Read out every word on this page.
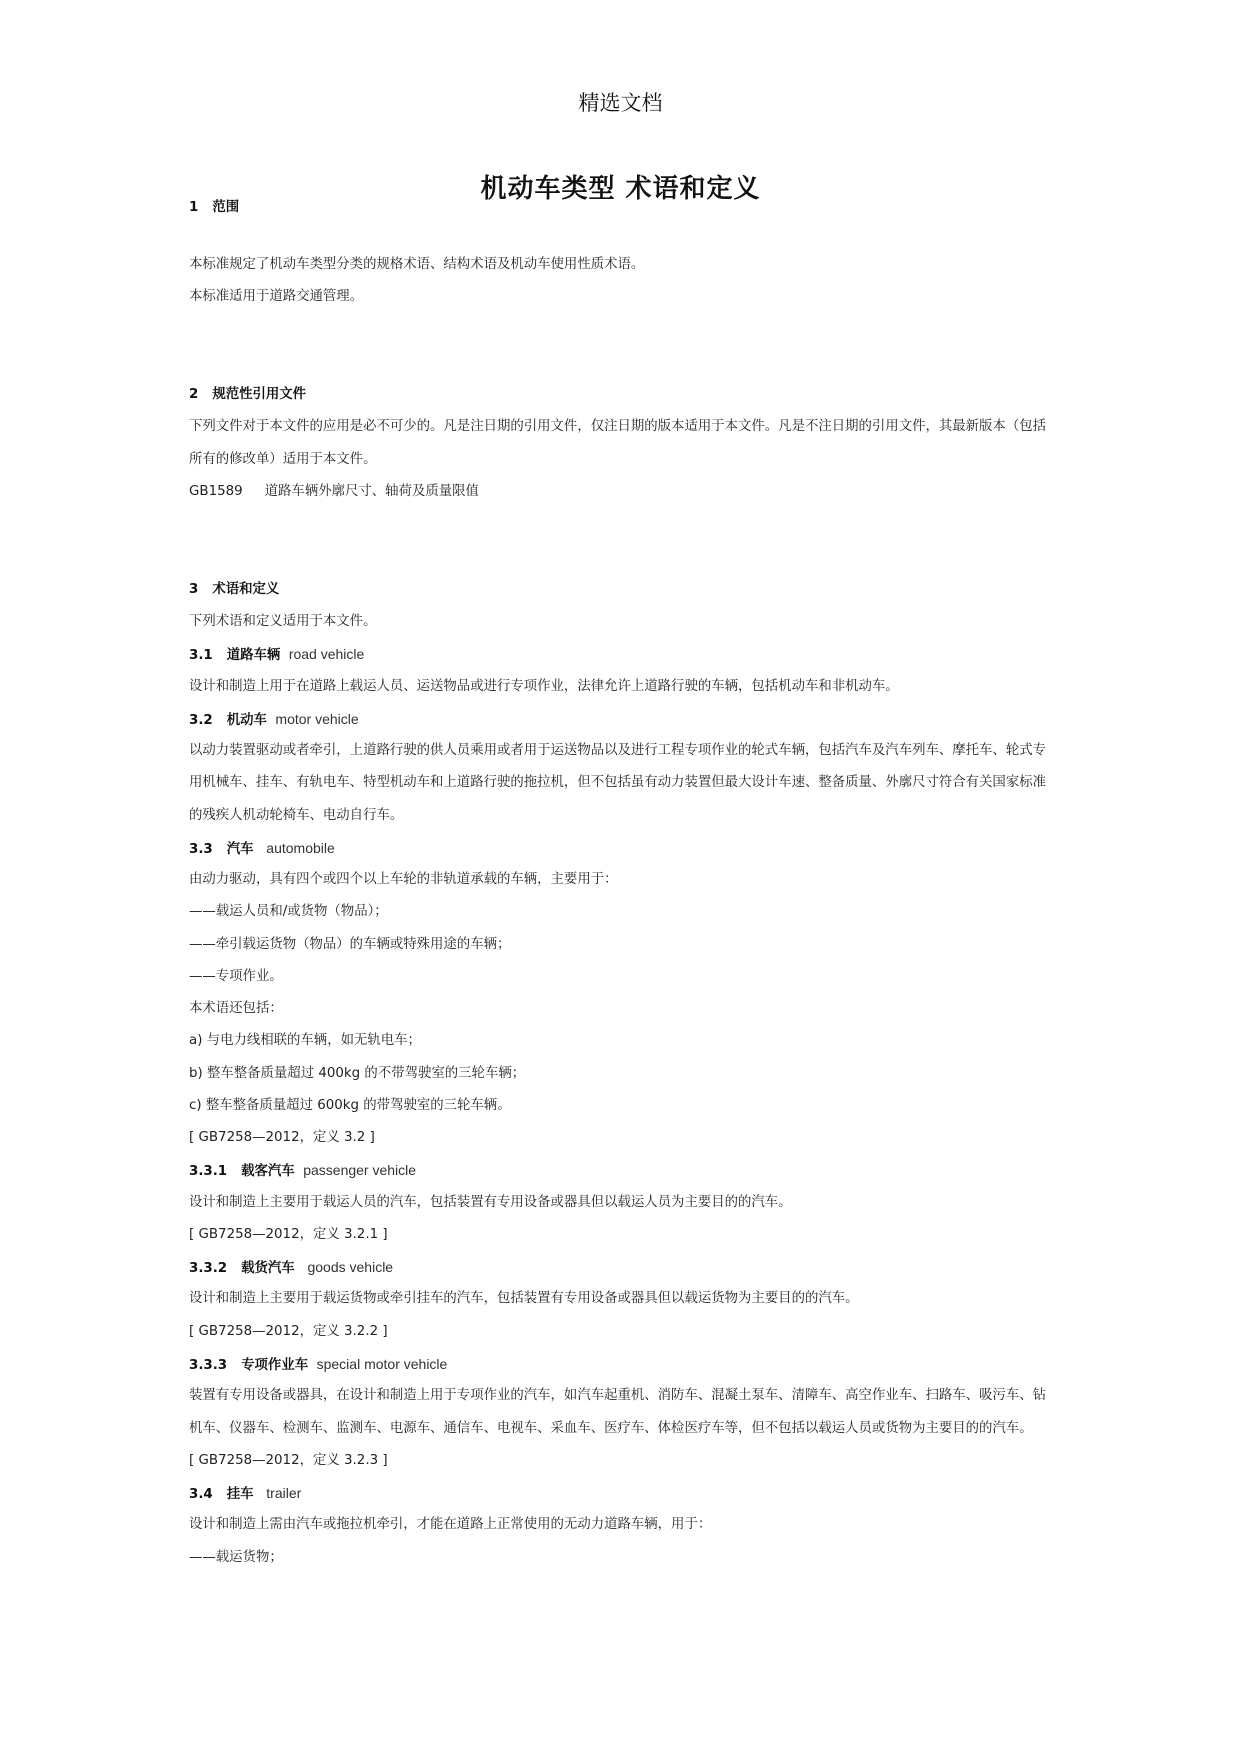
精选文档
机动车类型 术语和定义
1 范围
本标准规定了机动车类型分类的规格术语、结构术语及机动车使用性质术语。
本标准适用于道路交通管理。
2 规范性引用文件
下列文件对于本文件的应用是必不可少的。凡是注日期的引用文件，仅注日期的版本适用于本文件。凡是不注日期的引用文件，其最新版本（包括
所有的修改单）适用于本文件。
GB1589 道路车辆外廓尺寸、轴荷及质量限值
3 术语和定义
下列术语和定义适用于本文件。
3.1 道路车辆 road vehicle
设计和制造上用于在道路上载运人员、运送物品或进行专项作业，法律允许上道路行驶的车辆，包括机动车和非机动车。
3.2 机动车 motor vehicle
以动力装置驱动或者牵引，上道路行驶的供人员乘用或者用于运送物品以及进行工程专项作业的轮式车辆，包括汽车及汽车列车、摩托车、轮式专
用机械车、挂车、有轨电车、特型机动车和上道路行驶的拖拉机，但不包括虽有动力装置但最大设计车速、整备质量、外廓尺寸符合有关国家标准
的残疾人机动轮椅车、电动自行车。
3.3 汽车 automobile
由动力驱动，具有四个或四个以上车轮的非轨道承载的车辆，主要用于：
——载运人员和/或货物（物品）；
——牵引载运货物（物品）的车辆或特殊用途的车辆；
——专项作业。
本术语还包括：
a) 与电力线相联的车辆，如无轨电车；
b) 整车整备质量超过 400kg 的不带驾驶室的三轮车辆；
c) 整车整备质量超过 600kg 的带驾驶室的三轮车辆。
[ GB7258—2012，定义 3.2 ]
3.3.1 载客汽车 passenger vehicle
设计和制造上主要用于载运人员的汽车，包括装置有专用设备或器具但以载运人员为主要目的的汽车。
[ GB7258—2012，定义 3.2.1 ]
3.3.2 载货汽车 goods vehicle
设计和制造上主要用于载运货物或牵引挂车的汽车，包括装置有专用设备或器具但以载运货物为主要目的的汽车。
[ GB7258—2012，定义 3.2.2 ]
3.3.3 专项作业车 special motor vehicle
装置有专用设备或器具，在设计和制造上用于专项作业的汽车，如汽车起重机、消防车、混凝土泵车、清障车、高空作业车、扫路车、吸污车、钻
机车、仪器车、检测车、监测车、电源车、通信车、电视车、采血车、医疗车、体检医疗车等，但不包括以载运人员或货物为主要目的的汽车。
[ GB7258—2012，定义 3.2.3 ]
3.4 挂车 trailer
设计和制造上需由汽车或拖拉机牵引，才能在道路上正常使用的无动力道路车辆，用于：
——载运货物；
